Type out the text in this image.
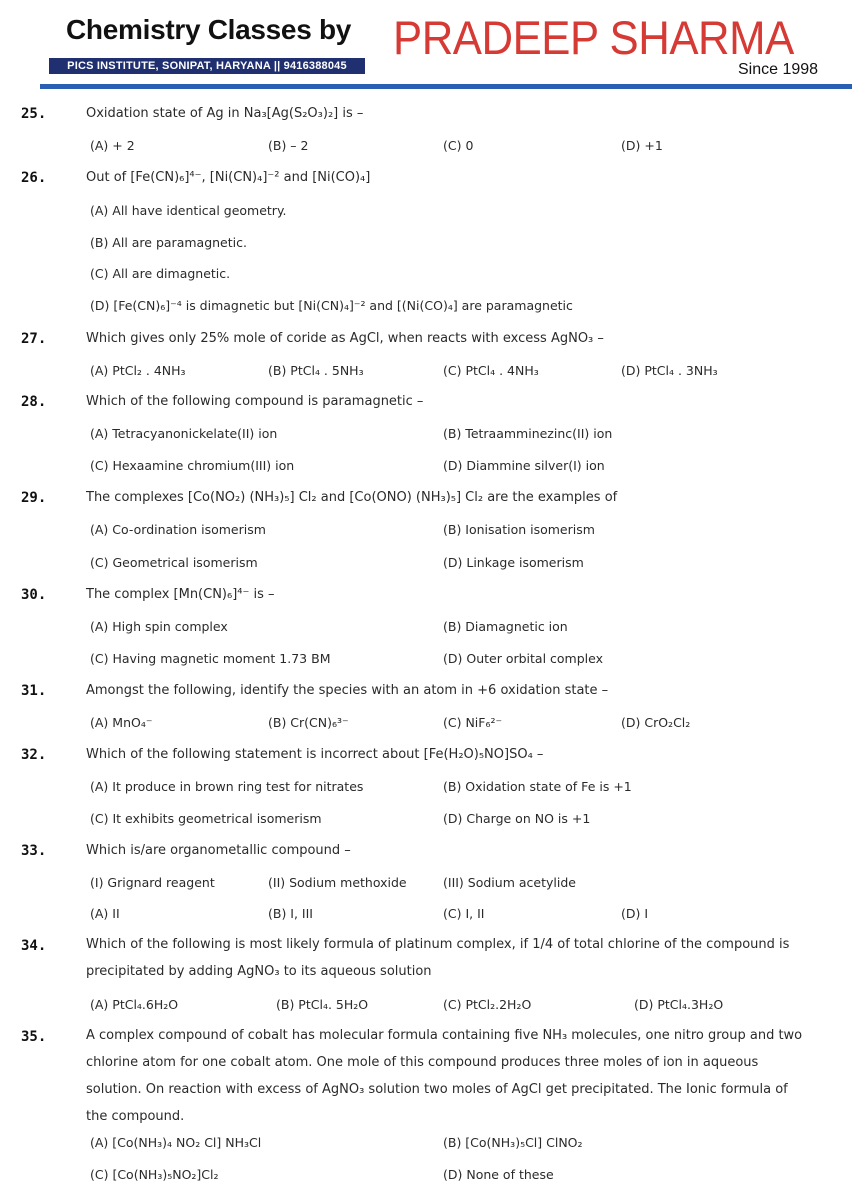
Chemistry Classes by
PICS INSTITUTE, SONIPAT, HARYANA || 9416388045
PRADEEP SHARMA
Since 1998
25.	Oxidation state of Ag in Na₃[Ag(S₂O₃)₂] is –
(A) + 2	(B) – 2	(C) 0	(D) +1
26.	Out of [Fe(CN)₆]⁴⁻, [Ni(CN)₄]⁻² and [Ni(CO)₄]
(A) All have identical geometry.
(B) All are paramagnetic.
(C) All are dimagnetic.
(D) [Fe(CN)₆]⁻⁴ is dimagnetic but [Ni(CN)₄]⁻² and [(Ni(CO)₄] are paramagnetic
27.	Which gives only 25% mole of coride as AgCl, when reacts with excess AgNO₃ –
(A) PtCl₂ . 4NH₃	(B) PtCl₄ . 5NH₃	(C) PtCl₄ . 4NH₃	(D) PtCl₄ . 3NH₃
28.	Which of the following compound is paramagnetic –
(A) Tetracyanonickelate(II) ion	(B) Tetraamminezinc(II) ion
(C) Hexaamine chromium(III) ion	(D) Diammine silver(I) ion
29.	The complexes [Co(NO₂) (NH₃)₅] Cl₂ and [Co(ONO) (NH₃)₅] Cl₂ are the examples of
(A) Co-ordination isomerism	(B) Ionisation isomerism
(C) Geometrical isomerism	(D) Linkage isomerism
30.	The complex [Mn(CN)₆]⁴⁻ is –
(A) High spin complex	(B) Diamagnetic ion
(C) Having magnetic moment 1.73 BM	(D) Outer orbital complex
31.	Amongst the following, identify the species with an atom in +6 oxidation state –
(A) MnO₄⁻	(B) Cr(CN)₆³⁻	(C) NiF₆²⁻	(D) CrO₂Cl₂
32.	Which of the following statement is incorrect about [Fe(H₂O)₅NO]SO₄ –
(A) It produce in brown ring test for nitrates	(B) Oxidation state of Fe is +1
(C) It exhibits geometrical isomerism	(D) Charge on NO is +1
33.	Which is/are organometallic compound –
(I) Grignard reagent	(II) Sodium methoxide	(III) Sodium acetylide
(A) II	(B) I, III	(C) I, II	(D) I
34.	Which of the following is most likely formula of platinum complex, if 1/4 of total chlorine of the compound is precipitated by adding AgNO₃ to its aqueous solution
(A) PtCl₄.6H₂O	(B) PtCl₄. 5H₂O	(C) PtCl₂.2H₂O	(D) PtCl₄.3H₂O
35.	A complex compound of cobalt has molecular formula containing five NH₃ molecules, one nitro group and two chlorine atom for one cobalt atom. One mole of this compound produces three moles of ion in aqueous solution. On reaction with excess of AgNO₃ solution two moles of AgCl get precipitated. The Ionic formula of the compound.
(A) [Co(NH₃)₄ NO₂ Cl] NH₃Cl	(B) [Co(NH₃)₅Cl] ClNO₂
(C) [Co(NH₃)₅NO₂]Cl₂	(D) None of these
